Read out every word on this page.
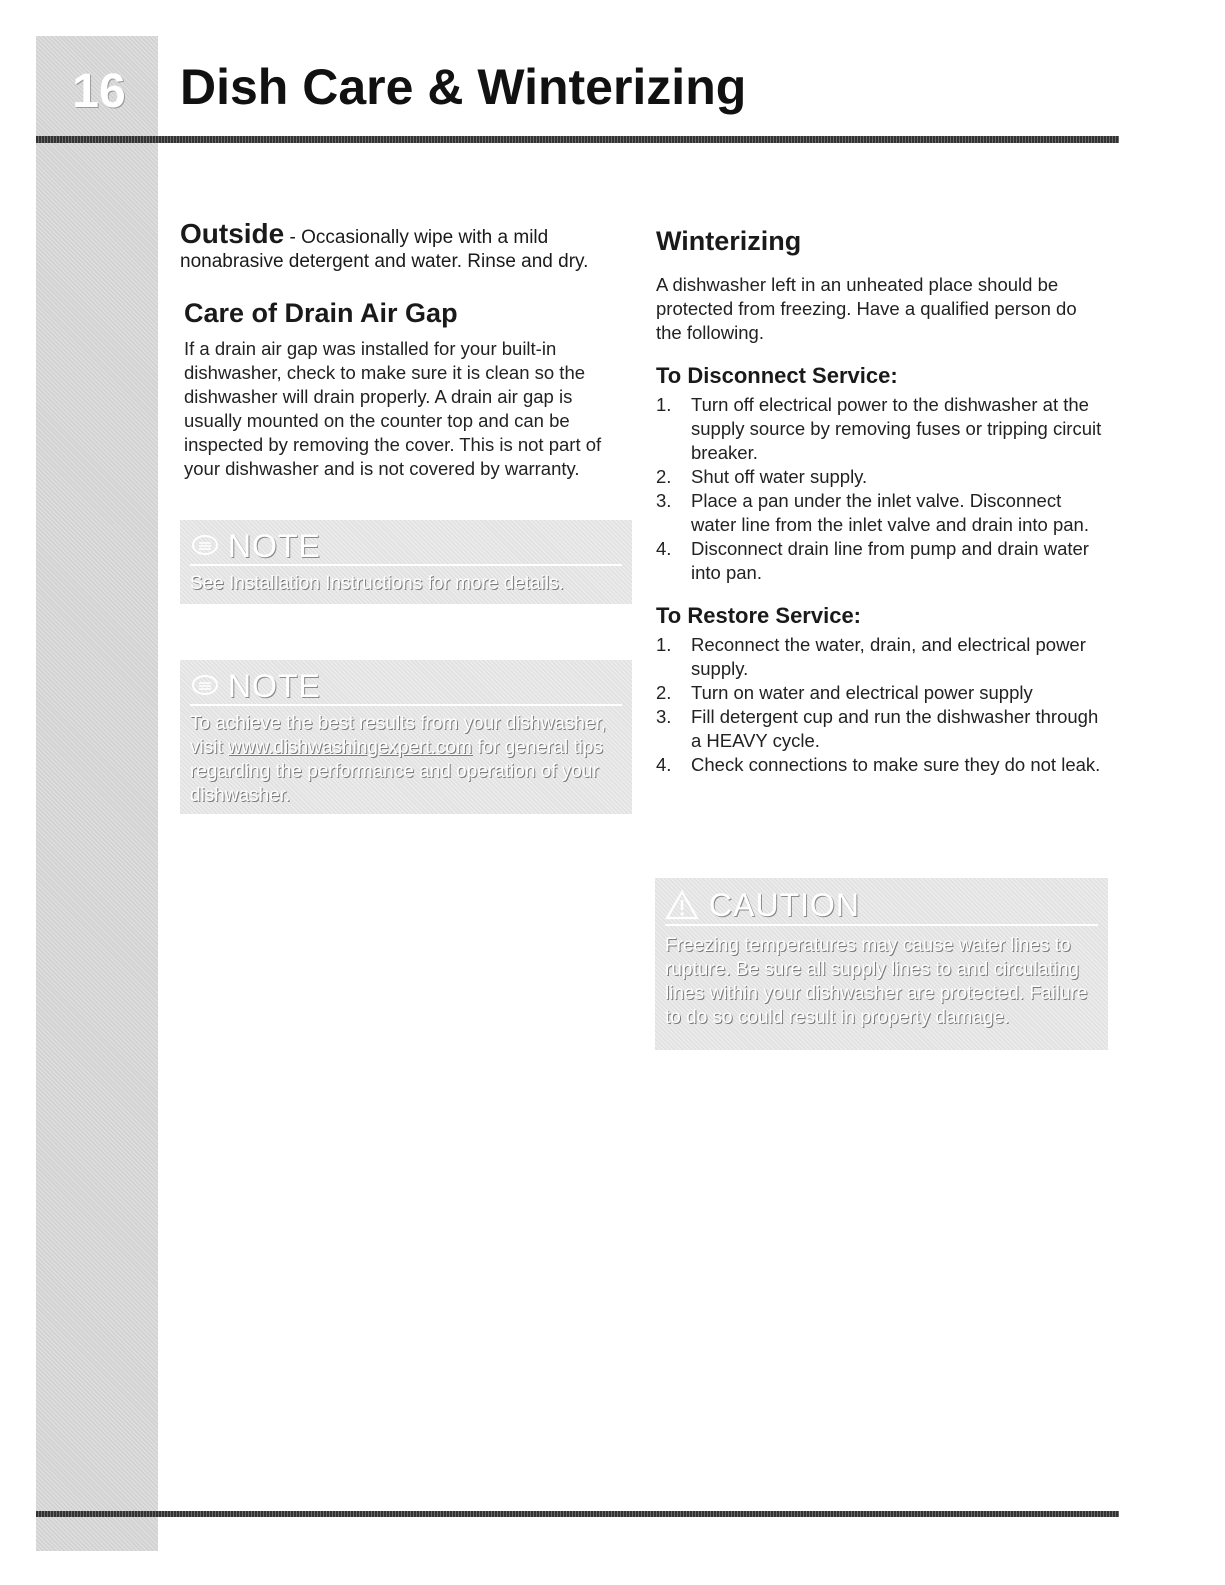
16	Dish Care & Winterizing

Outside - Occasionally wipe with a mild nonabrasive detergent and water. Rinse and dry.

Care of Drain Air Gap

If a drain air gap was installed for your built-in dishwasher, check to make sure it is clean so the dishwasher will drain properly. A drain air gap is usually mounted on the counter top and can be inspected by removing the cover. This is not part of your dishwasher and is not covered by warranty.

NOTE

See Installation Instructions for more details.

NOTE

To achieve the best results from your dishwasher, visit www.dishwashingexpert.com for general tips regarding the performance and operation of your dishwasher.

Winterizing

A dishwasher left in an unheated place should be protected from freezing. Have a qualified person do the following.

To Disconnect Service:
1.	Turn off electrical power to the dishwasher at the supply source by removing fuses or tripping circuit breaker.
2.	Shut off water supply.
3.	Place a pan under the inlet valve. Disconnect water line from the inlet valve and drain into pan.
4.	Disconnect drain line from pump and drain water into pan.
To Restore Service:
1.	Reconnect the water, drain, and electrical power supply.
2.	Turn on water and electrical power supply
3.	Fill detergent cup and run the dishwasher through a HEAVY cycle.
4.	Check connections to make sure they do not leak.
CAUTION

Freezing temperatures may cause water lines to rupture. Be sure all supply lines to and circulating lines within your dishwasher are protected. Failure to do so could result in property damage.
